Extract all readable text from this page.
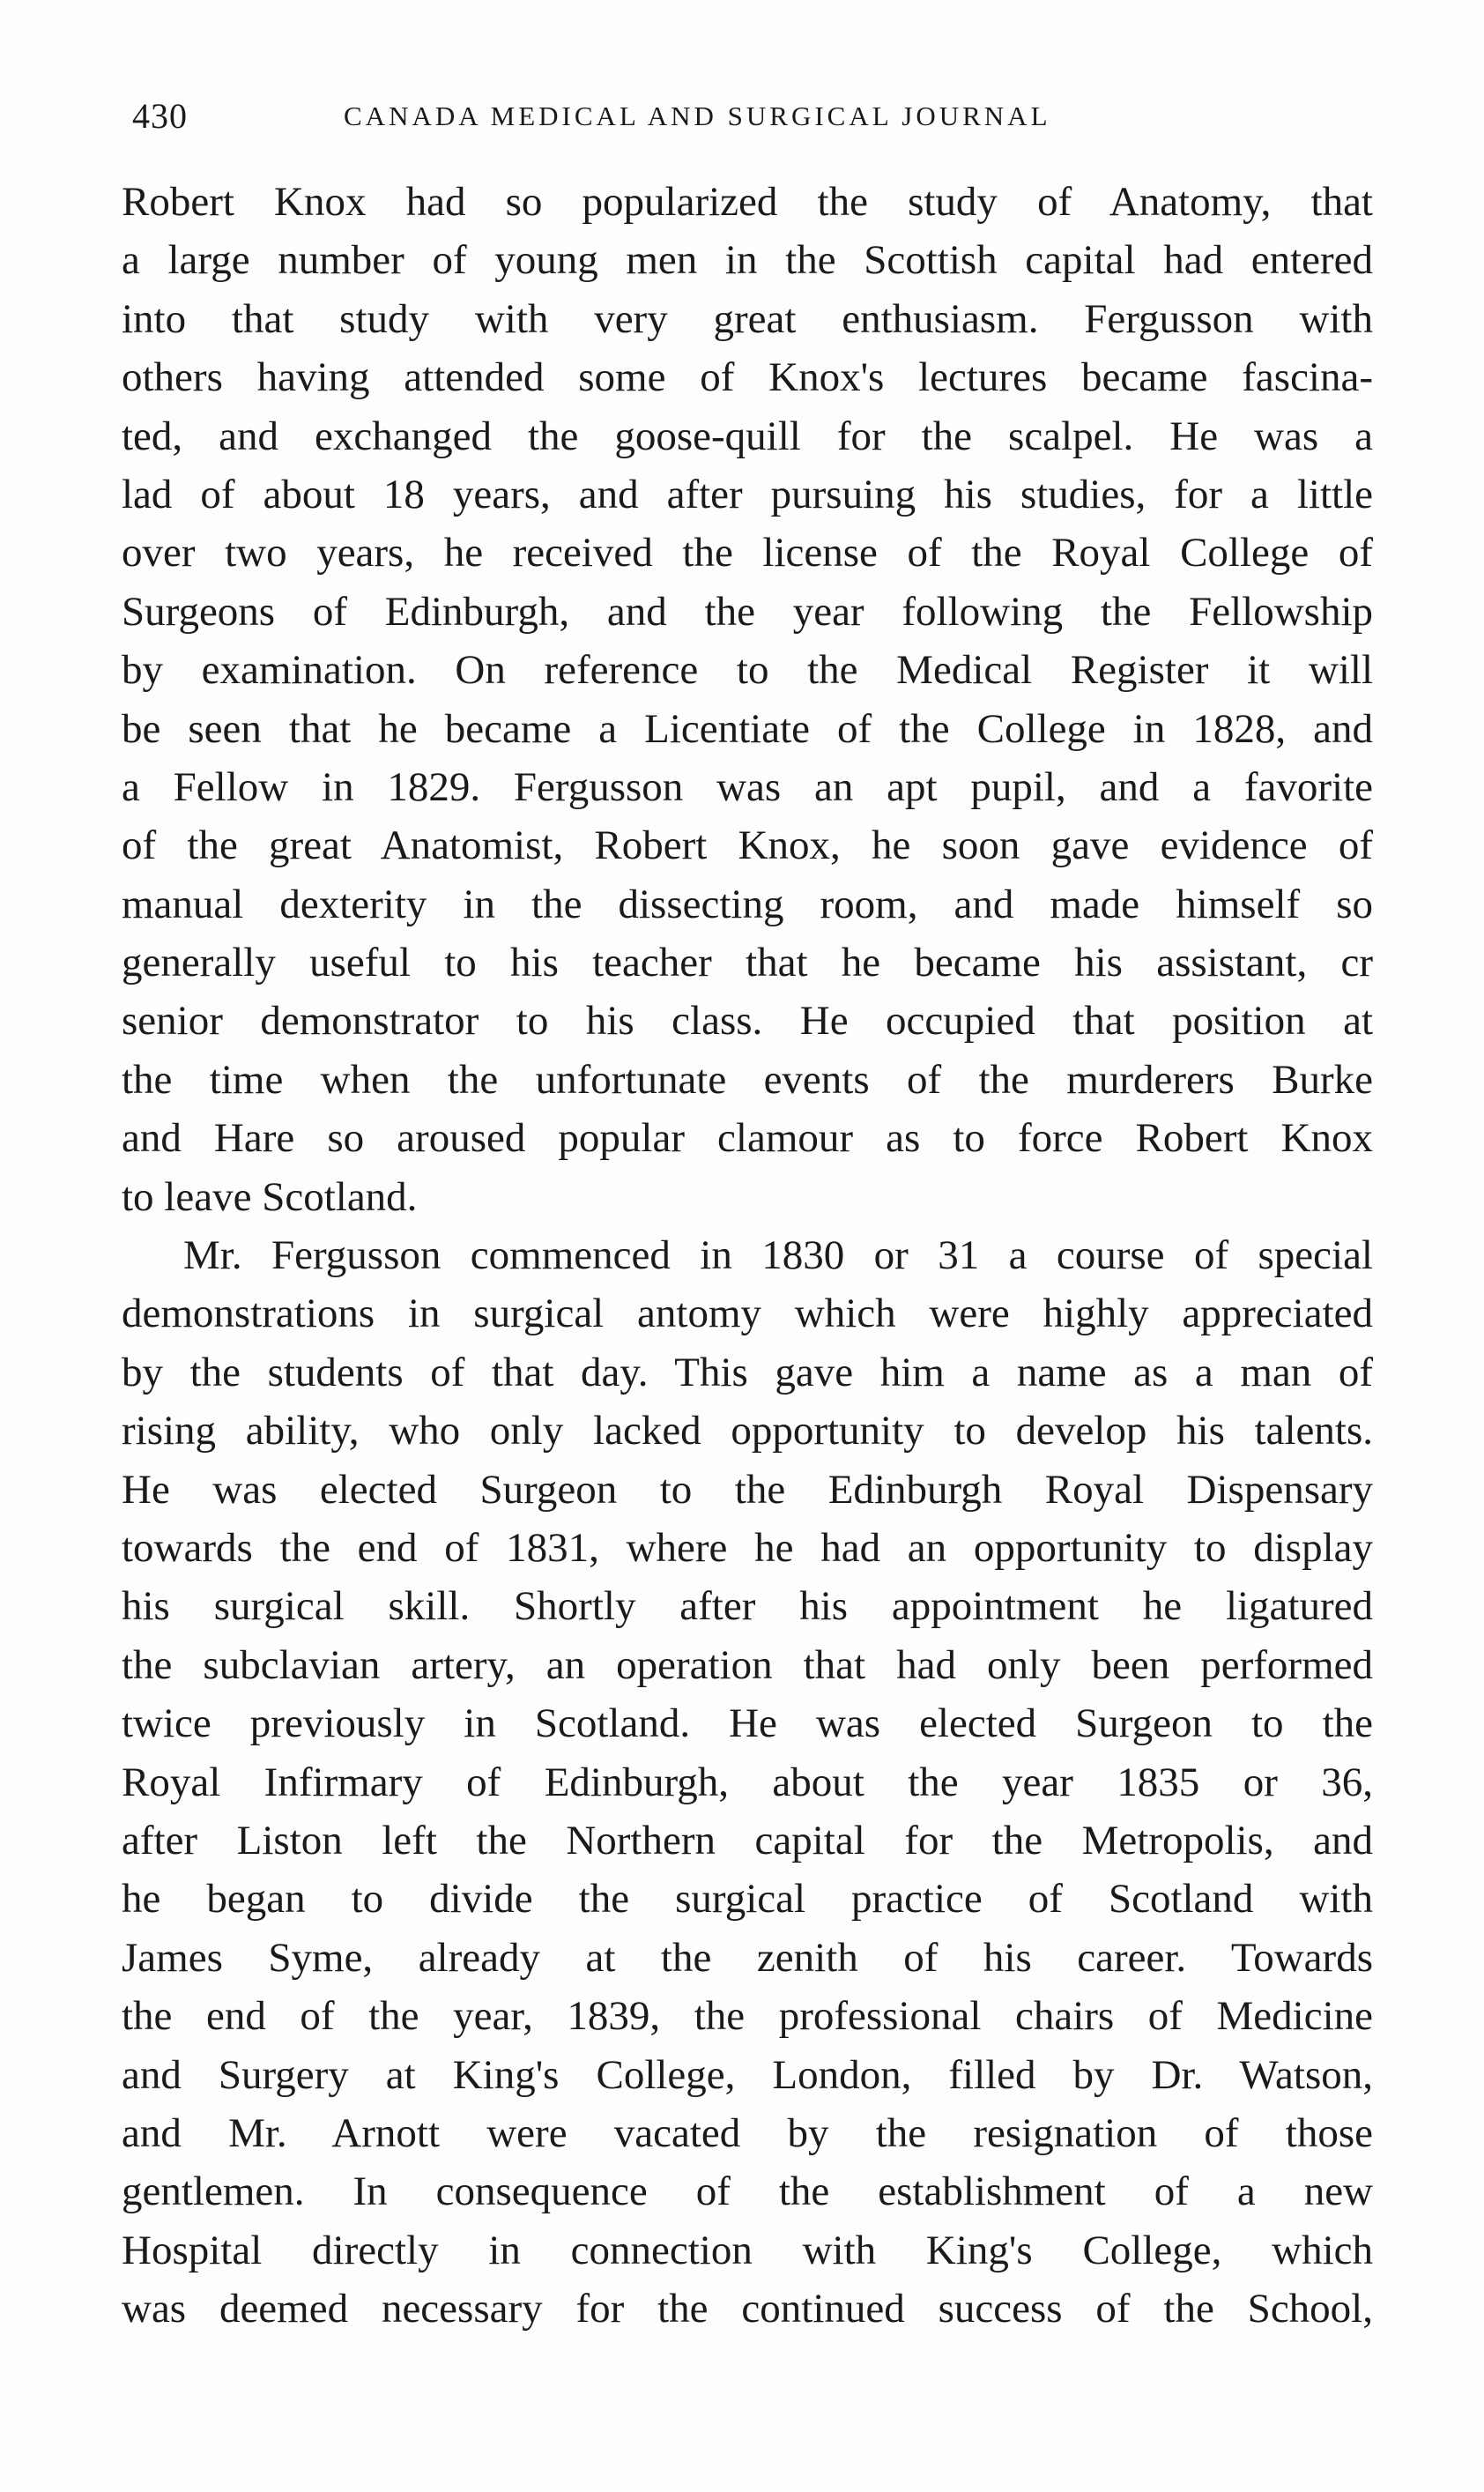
430	CANADA MEDICAL AND SURGICAL JOURNAL
Robert Knox had so popularized the study of Anatomy, that
a large number of young men in the Scottish capital had entered
into that study with very great enthusiasm. Fergusson with
others having attended some of Knox's lectures became fascina-
ted, and exchanged the goose-quill for the scalpel. He was a
lad of about 18 years, and after pursuing his studies, for a little
over two years, he received the license of the Royal College of
Surgeons of Edinburgh, and the year following the Fellowship
by examination. On reference to the Medical Register it will
be seen that he became a Licentiate of the College in 1828, and
a Fellow in 1829. Fergusson was an apt pupil, and a favorite
of the great Anatomist, Robert Knox, he soon gave evidence of
manual dexterity in the dissecting room, and made himself so
generally useful to his teacher that he became his assistant, cr
senior demonstrator to his class. He occupied that position at
the time when the unfortunate events of the murderers Burke
and Hare so aroused popular clamour as to force Robert Knox
to leave Scotland.
Mr. Fergusson commenced in 1830 or 31 a course of special
demonstrations in surgical antomy which were highly appreciated
by the students of that day. This gave him a name as a man of
rising ability, who only lacked opportunity to develop his talents.
He was elected Surgeon to the Edinburgh Royal Dispensary
towards the end of 1831, where he had an opportunity to display
his surgical skill. Shortly after his appointment he ligatured
the subclavian artery, an operation that had only been performed
twice previously in Scotland. He was elected Surgeon to the
Royal Infirmary of Edinburgh, about the year 1835 or 36,
after Liston left the Northern capital for the Metropolis, and
he began to divide the surgical practice of Scotland with
James Syme, already at the zenith of his career. Towards
the end of the year, 1839, the professional chairs of Medicine
and Surgery at King's College, London, filled by Dr. Watson,
and Mr. Arnott were vacated by the resignation of those
gentlemen. In consequence of the establishment of a new
Hospital directly in connection with King's College, which
was deemed necessary for the continued success of the School,
